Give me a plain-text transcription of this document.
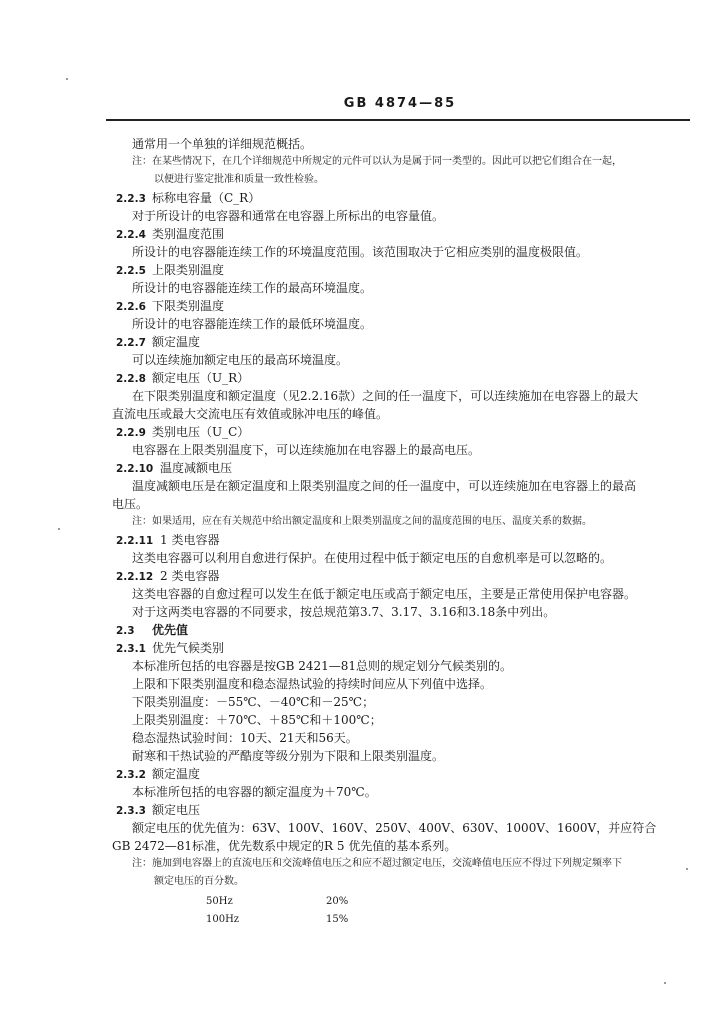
GB 4874—85
通常用一个单独的详细规范概括。
注：在某些情况下，在几个详细规范中所规定的元件可以认为是属于同一类型的。因此可以把它们组合在一起，
以便进行鉴定批准和质量一致性检验。
2.2.3 标称电容量（C_R）
对于所设计的电容器和通常在电容器上所标出的电容量值。
2.2.4 类别温度范围
所设计的电容器能连续工作的环境温度范围。该范围取决于它相应类别的温度极限值。
2.2.5 上限类别温度
所设计的电容器能连续工作的最高环境温度。
2.2.6 下限类别温度
所设计的电容器能连续工作的最低环境温度。
2.2.7 额定温度
可以连续施加额定电压的最高环境温度。
2.2.8 额定电压（U_R）
在下限类别温度和额定温度（见2.2.16款）之间的任一温度下，可以连续施加在电容器上的最大
直流电压或最大交流电压有效值或脉冲电压的峰值。
2.2.9 类别电压（U_C）
电容器在上限类别温度下，可以连续施加在电容器上的最高电压。
2.2.10 温度减额电压
温度减额电压是在额定温度和上限类别温度之间的任一温度中，可以连续施加在电容器上的最高
电压。
注：如果适用，应在有关规范中给出额定温度和上限类别温度之间的温度范围的电压、温度关系的数据。
2.2.11 1 类电容器
这类电容器可以利用自愈进行保护。在使用过程中低于额定电压的自愈机率是可以忽略的。
2.2.12 2 类电容器
这类电容器的自愈过程可以发生在低于额定电压或高于额定电压，主要是正常使用保护电容器。
对于这两类电容器的不同要求，按总规范第3.7、3.17、3.16和3.18条中列出。
2.3 优先值
2.3.1 优先气候类别
本标准所包括的电容器是按GB 2421—81总则的规定划分气候类别的。
上限和下限类别温度和稳态湿热试验的持续时间应从下列值中选择。
下限类别温度：－55℃、－40℃和－25℃；
上限类别温度：＋70℃、＋85℃和＋100℃；
稳态湿热试验时间：10天、21天和56天。
耐寒和干热试验的严酷度等级分别为下限和上限类别温度。
2.3.2 额定温度
本标准所包括的电容器的额定温度为＋70℃。
2.3.3 额定电压
额定电压的优先值为：63V、100V、160V、250V、400V、630V、1000V、1600V，并应符合
GB 2472—81标准，优先数系中规定的R 5 优先值的基本系列。
注：施加到电容器上的直流电压和交流峰值电压之和应不超过额定电压，交流峰值电压应不得过下列规定频率下
额定电压的百分数。
50Hz	20%
100Hz	15%
